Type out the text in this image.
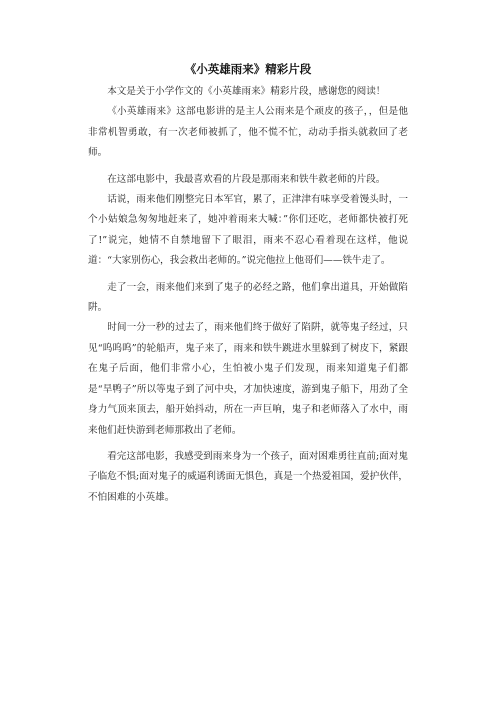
《小英雄雨来》精彩片段

本文是关于小学作文的《小英雄雨来》精彩片段，感谢您的阅读！

《小英雄雨来》这部电影讲的是主人公雨来是个顽皮的孩子，，但是他非常机智勇敢，有一次老师被抓了，他不慌不忙，动动手指头就救回了老师。

在这部电影中，我最喜欢看的片段是那雨来和铁牛救老师的片段。

话说，雨来他们刚整完日本军官，累了，正津津有味享受着馒头时，一个小姑娘急匆匆地赶来了，她冲着雨来大喊：”你们还吃，老师都快被打死了!”说完，她情不自禁地留下了眼泪，雨来不忍心看着现在这样，他说道：“大家别伤心，我会救出老师的。”说完他拉上他哥们——铁牛走了。

走了一会，雨来他们来到了鬼子的必经之路，他们拿出道具，开始做陷阱。

时间一分一秒的过去了，雨来他们终于做好了陷阱，就等鬼子经过，只见“呜呜呜”的轮船声，鬼子来了，雨来和铁牛跳进水里躲到了树皮下，紧跟在鬼子后面，他们非常小心，生怕被小鬼子们发现，雨来知道鬼子们都是“旱鸭子”所以等鬼子到了河中央，才加快速度，游到鬼子船下，用劲了全身力气顶来顶去，船开始抖动，所在一声巨响，鬼子和老师落入了水中，雨来他们赶快游到老师那救出了老师。

看完这部电影，我感受到雨来身为一个孩子，面对困难勇往直前;面对鬼子临危不惧;面对鬼子的威逼利诱面无惧色，真是一个热爱祖国，爱护伙伴，不怕困难的小英雄。
